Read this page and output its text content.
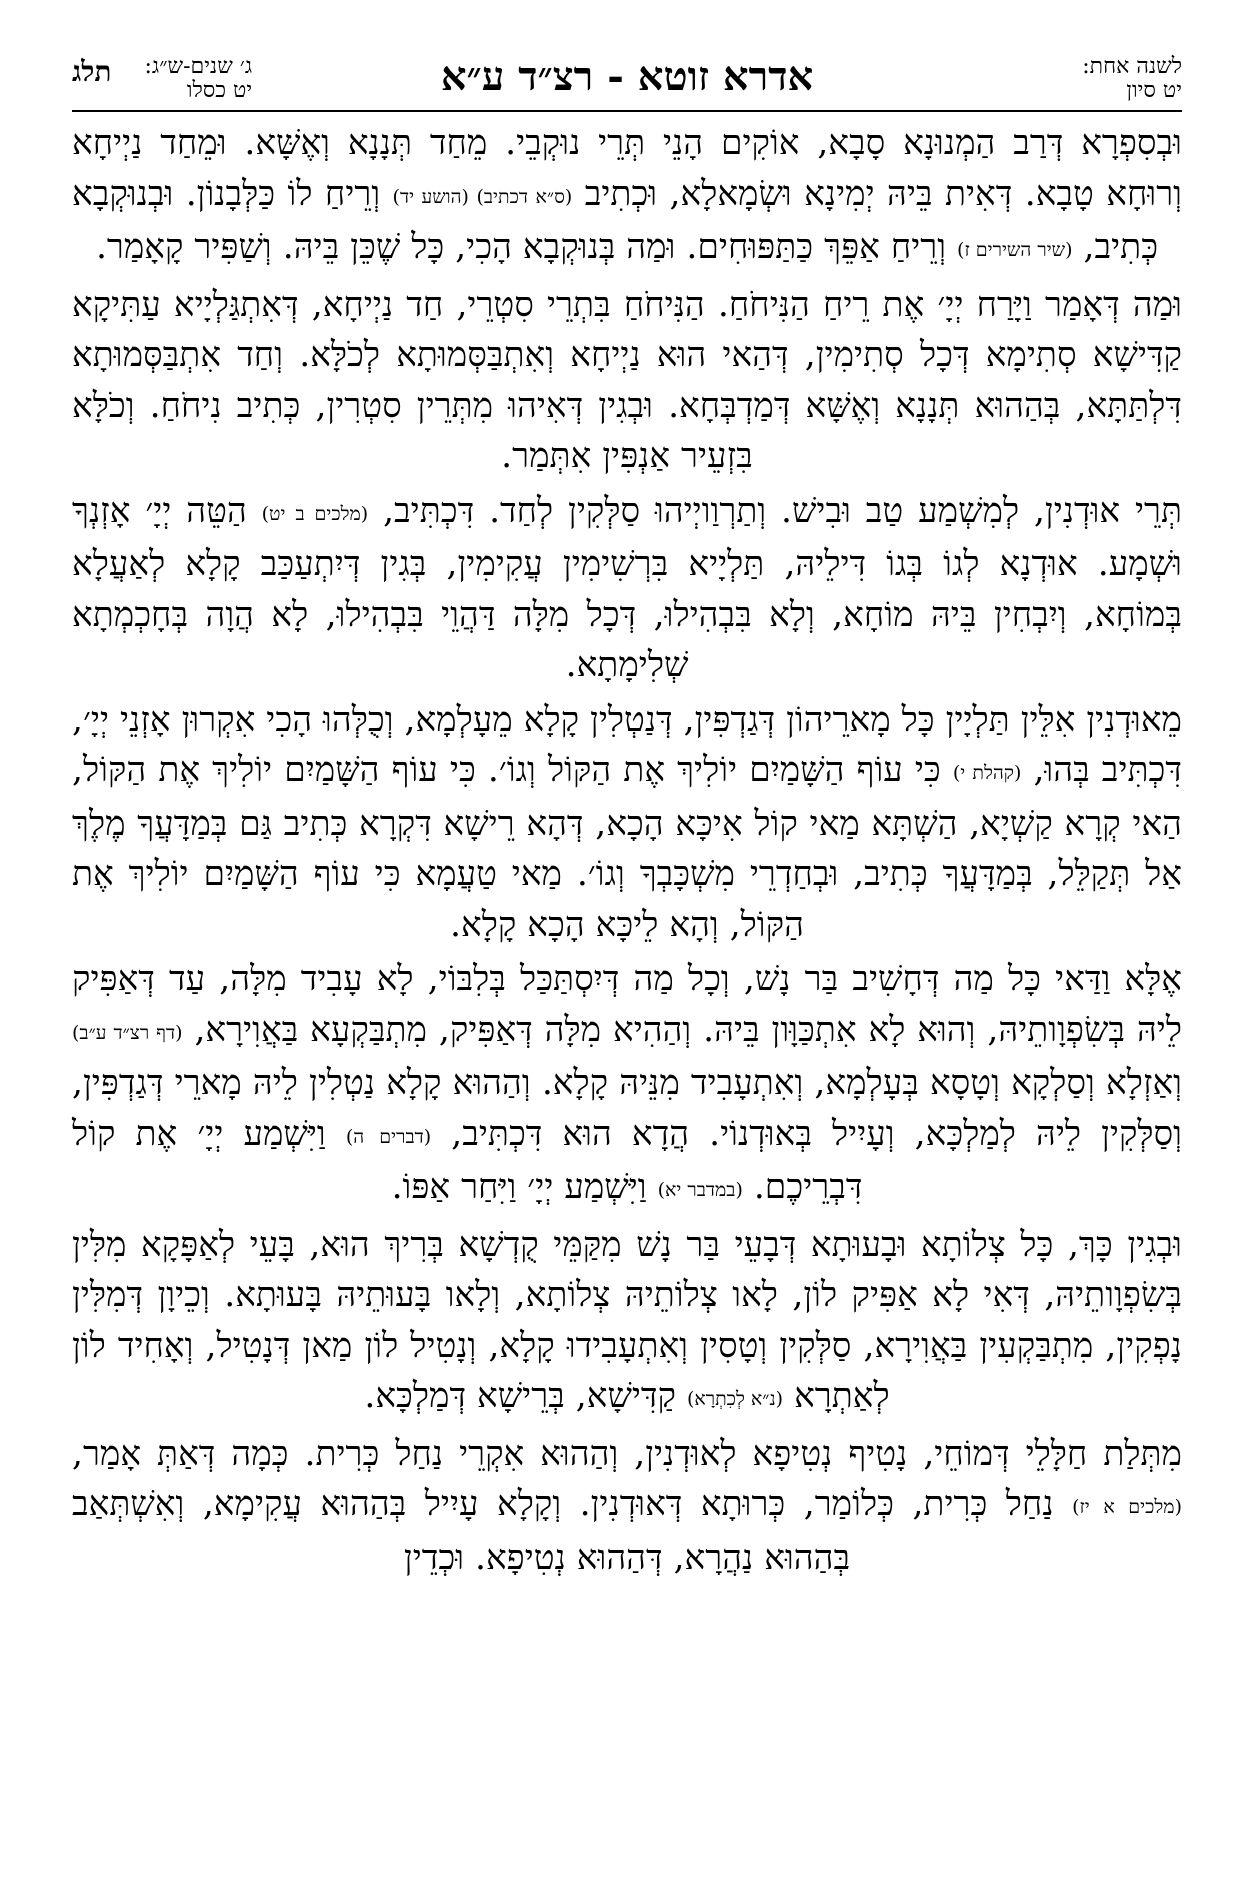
לשנה אחת:
יט סיון
אדרא זוטא - רצ״ד ע״א
תלג ג׳ שנים-ש״ג:
יט כסלו

וּבְסִפְרָא דְּרַב הַמְנוּנָא סָבָא, אוֹקִים הָנֵי תְּרֵי נוּקְבֵי. מֵחַד תְּנָנָא וְאֶשָּׁא. וּמֵחַד נַיְיחָא וְרוּחָא טָבָא. דְּאִית בֵּיהּ יְמִינָא וּשְׂמָאלָא, וּכְתִיב (ס״א דכתיב) (הושע יד) וְרֵיחַ לוֹ כַּלְּבָנוֹן. וּבְנוּקְבָא כְּתִיב, (שיר השירים ז) וְרֵיחַ אַפֵּךְ כַּתַּפּוּחִים. וּמַה בְּנוּקְבָא הָכִי, כָּל שֶׁכֵּן בֵּיהּ. וְשַׁפִּיר קָאָמַר.

וּמַה דְּאָמַר וַיָּרַח יְיָ׳ אֶת רֵיחַ הַנִּיחֹחַ. הַנִּיחֹחַ בִּתְרֵי סִטְרֵי, חַד נַיְיחָא, דְּאִתְגַּלְיָיא עַתִּיקָא קַדִּישָׁא סְתִימָא דְּכָל סְתִימִין, דְּהַאי הוּא נַיְיחָא וְאִתְבַּסְּמוּתָא לְכֹלָּא. וְחַד אִתְבַּסְּמוּתָא דִּלְתַּתָּא, בְּהַהוּא תְּנָנָא וְאֶשָּׁא דְּמַדְבְּחָא. וּבְגִין דְּאִיהוּ מִתְּרֵין סִטְרִין, כְּתִיב נִיחֹחַ. וְכֹלָּא בִּזְעֵיר אַנְפִּין אִתְּמַר.

תְּרֵי אוּדְנִין, לְמִשְׁמַע טַב וּבִישׁ. וְתַרְוַויְיהוּ סַלְּקִין לְחַד. דִּכְתִּיב, (מלכים ב יט) הַטֵּה יְיָ׳ אָזְנְךָ וּשְׁמָע. אוּדְנָא לְגוֹ בְּגוֹ דִּילֵיהּ, תַּלְיָיא בִּרְשִׁימִין עֲקִימִין, בְּגִין דְּיִתְעַכַּב קָלָא לְאַעֲלָא בְּמוֹחָא, וְיִבְחִין בֵּיהּ מוֹחָא, וְלָא בִּבְהִילוּ, דְּכָל מִלָּה דַּהֲוֵי בִּבְהִילוּ, לָא הֲוָה בְּחָכְמְתָא שְׁלִימָתָא.

מֵאוּדְנִין אִלֵּין תַּלְיָין כָּל מָארֵיהוֹן דְּגַדְפִּין, דְּנַטְלִין קָלָא מֵעָלְמָא, וְכֻלְּהוּ הָכִי אִקְרוּן אָזְנֵי יְיָ׳, דִּכְתִּיב בְּהוּ, (קהלת י) כִּי עוֹף הַשָּׁמַיִם יוֹלִיךְ אֶת הַקּוֹל וְגוֹ׳. כִּי עוֹף הַשָּׁמַיִם יוֹלִיךְ אֶת הַקּוֹל, הַאי קְרָא קַשְׁיָא, הַשְׁתָּא מַאי קוֹל אִיכָּא הָכָא, דְּהָא רֵישָׁא דִּקְרָא כְּתִיב גַּם בְּמַדָּעֲךָ מֶלֶךְ אַל תְּקַלֵּל, בְּמַדָּעֲךָ כְּתִיב, וּבְחַדְרֵי מִשְׁכָּבְךָ וְגוֹ׳. מַאי טַעֲמָא כִּי עוֹף הַשָּׁמַיִם יוֹלִיךְ אֶת הַקּוֹל, וְהָא לֵיכָּא הָכָא קָלָא.

אֶלָּא וַדַּאי כָּל מַה דְּחָשִׁיב בַּר נָשׁ, וְכָל מַה דְּיִסְתַּכַּל בְּלִבּוֹי, לָא עָבִיד מִלָּה, עַד דְּאַפִּיק לֵיהּ בְּשִׂפְוָותֵיהּ, וְהוּא לָא אִתְכַּוָּון בֵּיהּ. וְהַהִיא מִלָּה דְּאַפִּיק, מִתְבַּקְעָא בַּאֲוִירָא, (דף רצ״ד ע״ב) וְאַזְלָא וְסַלְקָא וְטָסָא בְּעָלְמָא, וְאִתְעָבִיד מִנֵּיהּ קָלָא. וְהַהוּא קָלָא נַטְלִין לֵיהּ מָארֵי דְּגַדְפִּין, וְסַלְּקִין לֵיהּ לְמַלְכָּא, וְעָיִיל בְּאוּדְנוֹי. הֲדָא הוּא דִּכְתִּיב, (דברים ה) וַיִּשְׁמַע יְיָ׳ אֶת קוֹל דִּבְרֵיכֶם. (במדבר יא) וַיִּשְׁמַע יְיָ׳ וַיִּחַר אַפּוֹ.

וּבְגִין כָּךְ, כָּל צְלוֹתָא וּבָעוּתָא דְּבָעֵי בַּר נָשׁ מִקַּמֵּי קֻדְשָׁא בְּרִיךְ הוּא, בָּעֵי לְאַפָּקָא מִלִּין בְּשִׂפְוָותֵיהּ, דְּאִי לָא אַפִּיק לוֹן, לָאו צְלוֹתֵיהּ צְלוֹתָא, וְלָאו בָּעוּתֵיהּ בָּעוּתָא. וְכֵיוָן דְּמִלִּין נָפְקִין, מִתְבַּקְעִין בַּאֲוִירָא, סַלְּקִין וְטָסִין וְאִתְעָבִידוּ קָלָא, וְנָטִיל לוֹן מַאן דְּנָטִיל, וְאָחִיד לוֹן לְאַתְרָא (נ״א לְכִתְרָא) קַדִּישָׁא, בְּרֵישָׁא דְּמַלְכָּא.

מִתְּלַת חַלָּלֵי דְּמוֹחֵי, נָטִיף נְטִיפָא לְאוּדְנִין, וְהַהוּא אִקְרֵי נַחַל כְּרִית. כְּמָה דְּאַתְּ אָמַר, (מלכים א יז) נַחַל כְּרִית, כְּלוֹמַר, כְּרוּתָא דְּאוּדְנִין. וְקָלָא עָיִיל בְּהַהוּא עֲקִימָא, וְאִשְׁתְּאַב בְּהַהוּא נַהֲרָא, דְּהַהוּא נְטִיפָא. וּכְדֵין
